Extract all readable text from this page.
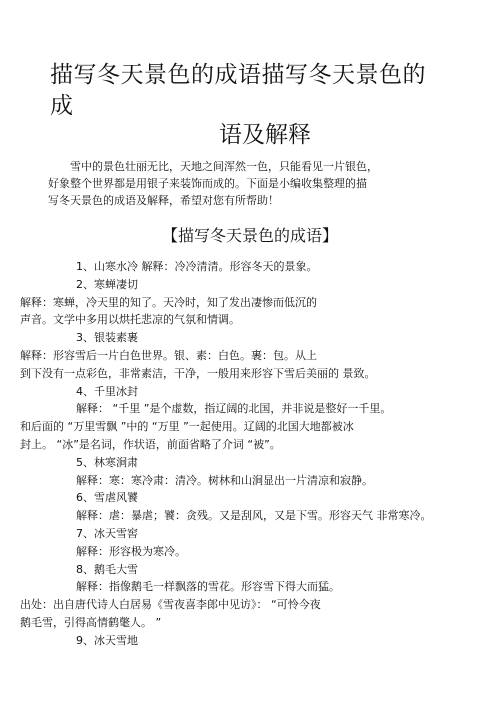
描写冬天景色的成语描写冬天景色的
成
语及解释
雪中的景色壮丽无比，天地之间浑然一色，只能看见一片银色，
好象整个世界都是用银子来装饰而成的。下面是小编收集整理的描
写冬天景色的成语及解释，希望对您有所帮助！
【描写冬天景色的成语】
1、山寒水冷 解释：冷冷清清。形容冬天的景象。
2、寒蝉凄切
解释：寒蝉，冷天里的知了。天冷时，知了发出凄惨而低沉的
声音。文学中多用以烘托悲凉的气氛和情调。
3、银装素裹
解释：形容雪后一片白色世界。银、素：白色。裹：包。从上
到下没有一点彩色，非常素洁，干净，一般用来形容下雪后美丽的 景致。
4、千里冰封
解释： “千里 ”是个虚数，指辽阔的北国，并非说是整好一千里。
和后面的 “万里雪飘 ”中的 “万里 ”一起使用。辽阔的北国大地都被冰
封上。 “冰”是名词，作状语，前面省略了介词 “被”。
5、林寒涧肃
解释：寒：寒冷肃：清冷。树林和山涧显出一片清凉和寂静。
6、雪虐风饕
解释：虐：暴虐；饕：贪残。又是刮风，又是下雪。形容天气 非常寒冷。
7、冰天雪窖
解释：形容极为寒冷。
8、鹅毛大雪
解释：指像鹅毛一样飘落的雪花。形容雪下得大而猛。
出处：出自唐代诗人白居易《雪夜喜李郎中见访》： “可怜今夜
鹅毛雪，引得高情鹤氅人。 ”
9、冰天雪地
